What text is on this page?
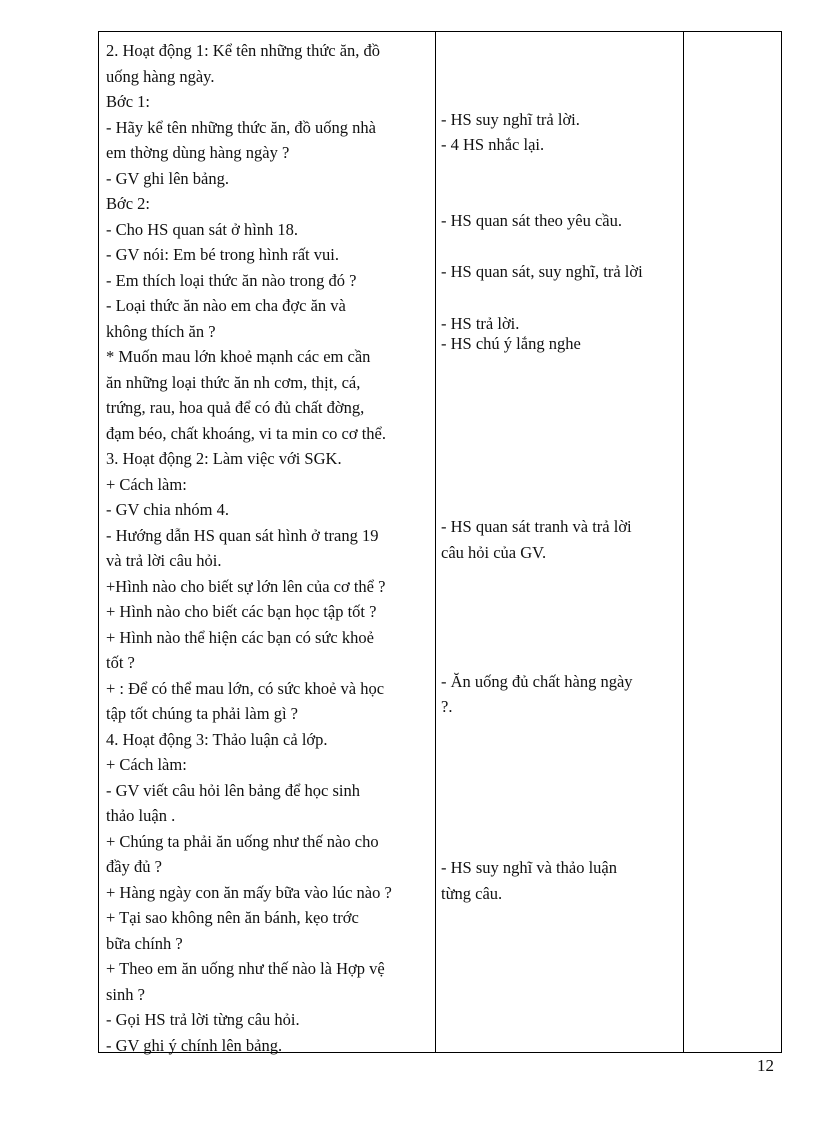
2. Hoạt động 1: Kể tên những thức ăn, đồ
uống hàng ngày.
Bớc 1:
- Hãy kể tên những thức ăn, đồ uống nhà
em thờng dùng hàng ngày ?
- GV ghi lên bảng.
Bớc 2:
- Cho HS quan sát ở hình 18.
- GV nói: Em bé trong hình rất vui.
- Em thích loại thức ăn nào trong đó ?
- Loại thức ăn nào em cha đợc ăn và
không thích ăn ?
* Muốn mau lớn khoẻ mạnh các em cần
ăn những loại thức ăn nh cơm, thịt, cá,
trứng, rau, hoa quả để có đủ chất đờng,
đạm béo, chất khoáng, vi ta min co cơ thể.
3. Hoạt động 2: Làm việc với SGK.
+ Cách làm:
- GV chia nhóm 4.
- Hướng dẫn HS quan sát hình ở trang 19
và trả lời câu hỏi.
+Hình nào cho biết sự lớn lên của cơ thể ?
+ Hình nào cho biết các bạn học tập tốt ?
+ Hình nào thể hiện các bạn có sức khoẻ
tốt ?
+ : Để có thể mau lớn, có sức khoẻ và học
tập tốt chúng ta phải làm gì ?
4. Hoạt động 3: Thảo luận cả lớp.
+ Cách làm:
- GV viết câu hỏi lên bảng để học sinh
thảo luận .
+ Chúng ta phải ăn uống như thế nào cho
đầy đủ ?
+ Hàng ngày con ăn mấy bữa vào lúc nào ?
+ Tại sao không nên ăn bánh, kẹo trớc
bữa chính ?
+ Theo em ăn uống như thế nào là Hợp vệ
sinh ?
- Gọi HS trả lời từng câu hỏi.
- GV ghi ý chính lên bảng.
- HS suy nghĩ trả lời.
- 4 HS nhắc lại.
- HS quan sát theo yêu cầu.
- HS quan sát, suy nghĩ, trả lời
- HS trả lời.
- HS chú ý lắng nghe
- HS quan sát tranh và trả lời
câu hỏi của GV.
- Ăn uống đủ chất hàng ngày
?.
- HS suy nghĩ và thảo luận
từng câu.
12
